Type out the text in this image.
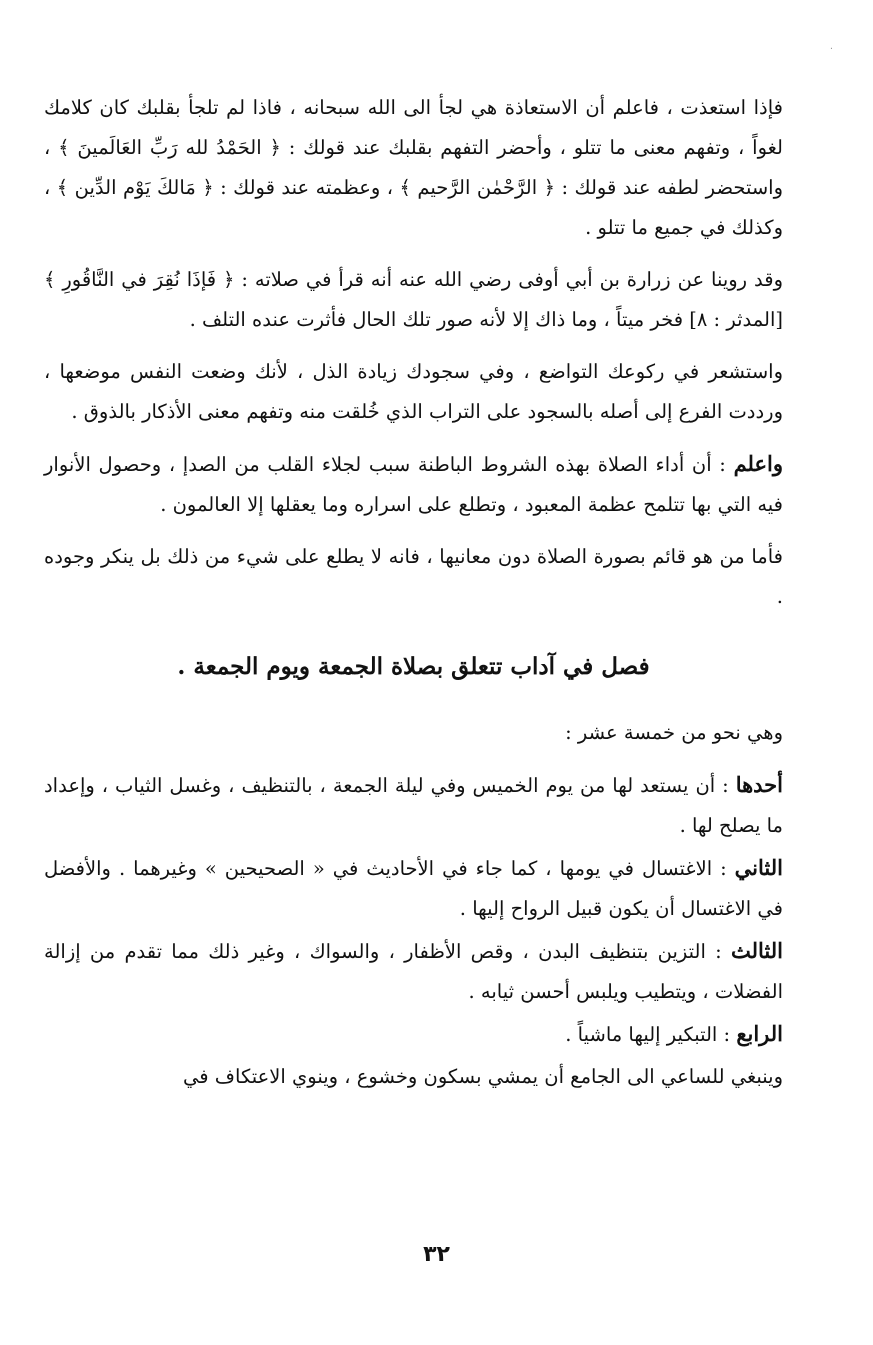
فإذا استعذت ، فاعلم أن الاستعاذة هي لجأ الى الله سبحانه ، فاذا لم تلجأ بقلبك كان كلامك لغواً ، وتفهم معنى ما تتلو ، وأحضر التفهم بقلبك عند قولك : ﴿ الحَمْدُ لله رَبِّ العَالَمينَ ﴾ ، واستحضر لطفه عند قولك : ﴿ الرَّحْمٰن الرَّحيم ﴾ ، وعظمته عند قولك : ﴿ مَالكَ يَوْم الدِّين ﴾ ، وكذلك في جميع ما تتلو .

وقد روينا عن زرارة بن أبي أوفى رضي الله عنه أنه قرأ في صلاته : ﴿ فَإذَا نُقِرَ في النَّاقُورِ ﴾ [المدثر : ٨] فخر ميتاً ، وما ذاك إلا لأنه صور تلك الحال فأثرت عنده التلف .

واستشعر في ركوعك التواضع ، وفي سجودك زيادة الذل ، لأنك وضعت النفس موضعها ، ورددت الفرع إلى أصله بالسجود على التراب الذي خُلقت منه وتفهم معنى الأذكار بالذوق .

واعلم : أن أداء الصلاة بهذه الشروط الباطنة سبب لجلاء القلب من الصدإ ، وحصول الأنوار فيه التي بها تتلمح عظمة المعبود ، وتطلع على اسراره وما يعقلها إلا العالمون .

فأما من هو قائم بصورة الصلاة دون معانيها ، فانه لا يطلع على شيء من ذلك بل ينكر وجوده .

فصل في آداب تتعلق بصلاة الجمعة ويوم الجمعة .

وهي نحو من خمسة عشر :

أحدها : أن يستعد لها من يوم الخميس وفي ليلة الجمعة ، بالتنظيف ، وغسل الثياب ، وإعداد ما يصلح لها .

الثاني : الاغتسال في يومها ، كما جاء في الأحاديث في « الصحيحين » وغيرهما . والأفضل في الاغتسال أن يكون قبيل الرواح إليها .

الثالث : التزين بتنظيف البدن ، وقص الأظفار ، والسواك ، وغير ذلك مما تقدم من إزالة الفضلات ، ويتطيب ويلبس أحسن ثيابه .

الرابع : التبكير إليها ماشياً .

وينبغي للساعي الى الجامع أن يمشي بسكون وخشوع ، وينوي الاعتكاف في

٣٢
·
